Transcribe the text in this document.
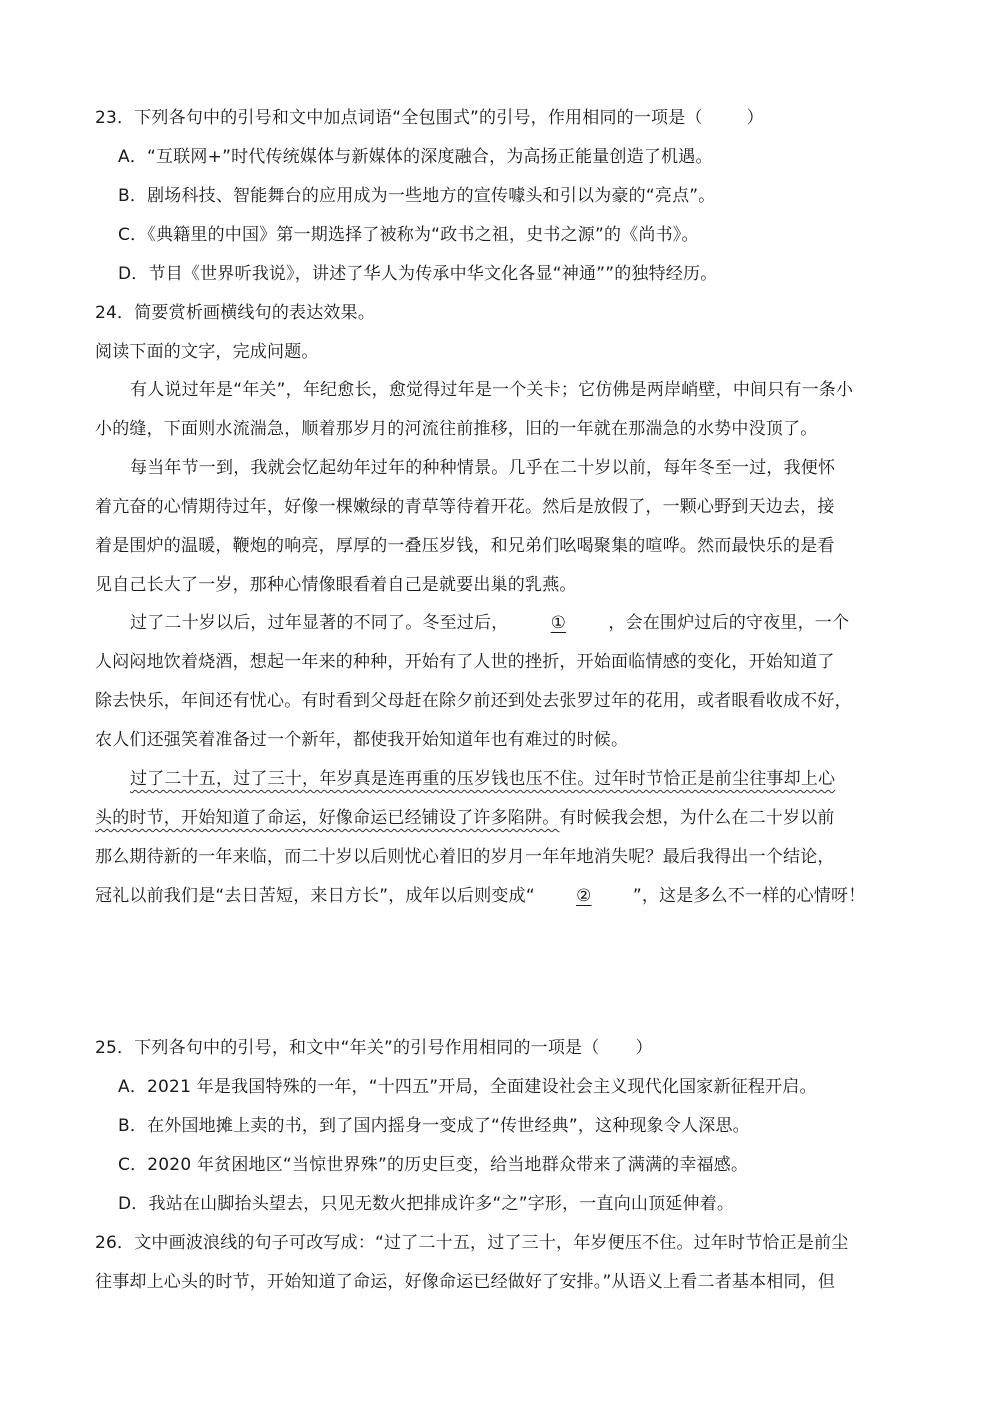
23．下列各句中的引号和文中加点词语“全包围式”的引号，作用相同的一项是（	）
A．“互联网+”时代传统媒体与新媒体的深度融合，为高扬正能量创造了机遇。
B．剧场科技、智能舞台的应用成为一些地方的宣传噱头和引以为豪的“亮点”。
C．《典籍里的中国》第一期选择了被称为“政书之祖，史书之源”的《尚书》。
D．节目《世界听我说》，讲述了华人为传承中华文化各显“神通””的独特经历。
24．简要赏析画横线句的表达效果。
阅读下面的文字，完成问题。
有人说过年是“年关”，年纪愈长，愈觉得过年是一个关卡；它仿佛是两岸峭壁，中间只有一条小
小的缝，下面则水流湍急，顺着那岁月的河流往前推移，旧的一年就在那湍急的水势中没顶了。
每当年节一到，我就会忆起幼年过年的种种情景。几乎在二十岁以前，每年冬至一过，我便怀
着亢奋的心情期待过年，好像一棵嫩绿的青草等待着开花。然后是放假了，一颗心野到天边去，接
着是围炉的温暖，鞭炮的响亮，厚厚的一叠压岁钱，和兄弟们吆喝聚集的喧哗。然而最快乐的是看
见自己长大了一岁，那种心情像眼看着自己是就要出巢的乳燕。
过了二十岁以后，过年显著的不同了。冬至过后， ① ，会在围炉过后的守夜里，一个
人闷闷地饮着烧酒，想起一年来的种种，开始有了人世的挫折，开始面临情感的变化，开始知道了
除去快乐，年间还有忧心。有时看到父母赶在除夕前还到处去张罗过年的花用，或者眼看收成不好，
农人们还强笑着准备过一个新年，都使我开始知道年也有难过的时候。
过了二十五，过了三十，年岁真是连再重的压岁钱也压不住。过年时节恰正是前尘往事却上心
头的时节，开始知道了命运，好像命运已经铺设了许多陷阱。有时候我会想，为什么在二十岁以前
那么期待新的一年来临，而二十岁以后则忧心着旧的岁月一年年地消失呢？最后我得出一个结论，
冠礼以前我们是“去日苦短，来日方长”，成年以后则变成“ ② ”，这是多么不一样的心情呀！
25．下列各句中的引号，和文中“年关”的引号作用相同的一项是（ ）
A．2021 年是我国特殊的一年，“十四五”开局，全面建设社会主义现代化国家新征程开启。
B．在外国地摊上卖的书，到了国内摇身一变成了“传世经典”，这种现象令人深思。
C．2020 年贫困地区“当惊世界殊”的历史巨变，给当地群众带来了满满的幸福感。
D．我站在山脚抬头望去，只见无数火把排成许多“之”字形，一直向山顶延伸着。
26．文中画波浪线的句子可改写成：“过了二十五，过了三十，年岁便压不住。过年时节恰正是前尘
往事却上心头的时节，开始知道了命运，好像命运已经做好了安排。”从语义上看二者基本相同，但
